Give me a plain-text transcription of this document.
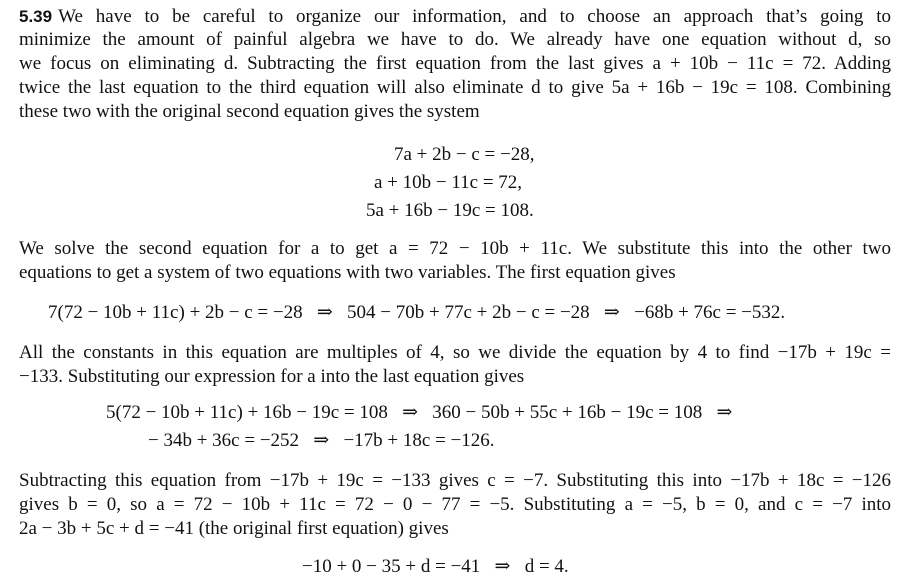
5.39 We have to be careful to organize our information, and to choose an approach that’s going to
minimize the amount of painful algebra we have to do. We already have one equation without d, so
we focus on eliminating d. Subtracting the first equation from the last gives a + 10b − 11c = 72. Adding
twice the last equation to the third equation will also eliminate d to give 5a + 16b − 19c = 108. Combining
these two with the original second equation gives the system
7a + 2b − c = −28,
a + 10b − 11c = 72,
5a + 16b − 19c = 108.
We solve the second equation for a to get a = 72 − 10b + 11c. We substitute this into the other two
equations to get a system of two equations with two variables. The first equation gives
7(72 − 10b + 11c) + 2b − c = −28   ⇒   504 − 70b + 77c + 2b − c = −28   ⇒   −68b + 76c = −532.
All the constants in this equation are multiples of 4, so we divide the equation by 4 to find −17b + 19c =
−133. Substituting our expression for a into the last equation gives
5(72 − 10b + 11c) + 16b − 19c = 108   ⇒   360 − 50b + 55c + 16b − 19c = 108   ⇒
− 34b + 36c = −252   ⇒   −17b + 18c = −126.
Subtracting this equation from −17b + 19c = −133 gives c = −7. Substituting this into −17b + 18c = −126
gives b = 0, so a = 72 − 10b + 11c = 72 − 0 − 77 = −5. Substituting a = −5, b = 0, and c = −7 into
2a − 3b + 5c + d = −41 (the original first equation) gives
−10 + 0 − 35 + d = −41   ⇒   d = 4.
